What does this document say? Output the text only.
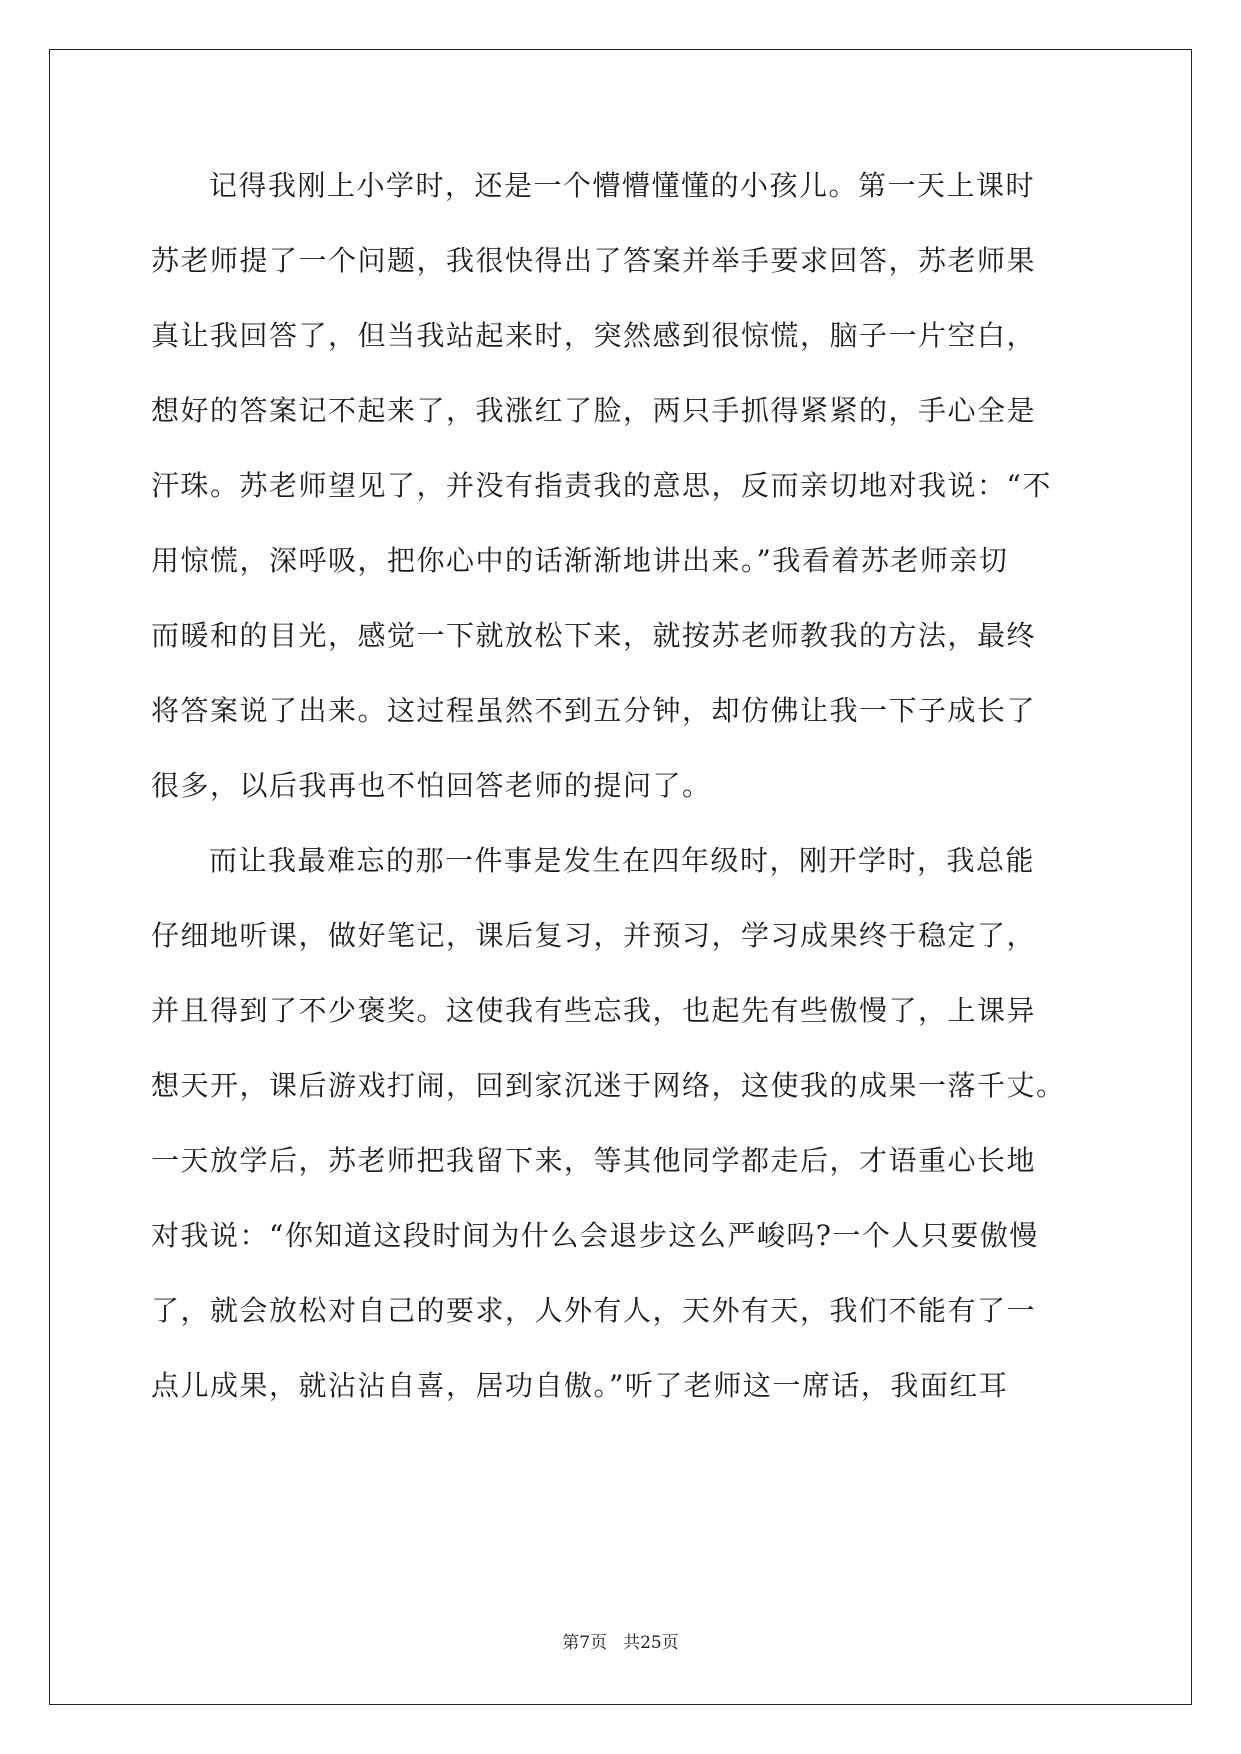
记得我刚上小学时，还是一个懵懵懂懂的小孩儿。第一天上课时
苏老师提了一个问题，我很快得出了答案并举手要求回答，苏老师果
真让我回答了，但当我站起来时，突然感到很惊慌，脑子一片空白，
想好的答案记不起来了，我涨红了脸，两只手抓得紧紧的，手心全是
汗珠。苏老师望见了，并没有指责我的意思，反而亲切地对我说：“不
用惊慌，深呼吸，把你心中的话渐渐地讲出来。”我看着苏老师亲切
而暖和的目光，感觉一下就放松下来，就按苏老师教我的方法，最终
将答案说了出来。这过程虽然不到五分钟，却仿佛让我一下子成长了
很多，以后我再也不怕回答老师的提问了。
而让我最难忘的那一件事是发生在四年级时，刚开学时，我总能
仔细地听课，做好笔记，课后复习，并预习，学习成果终于稳定了，
并且得到了不少褒奖。这使我有些忘我，也起先有些傲慢了，上课异
想天开，课后游戏打闹，回到家沉迷于网络，这使我的成果一落千丈。
一天放学后，苏老师把我留下来，等其他同学都走后，才语重心长地
对我说：“你知道这段时间为什么会退步这么严峻吗?一个人只要傲慢
了，就会放松对自己的要求，人外有人，天外有天，我们不能有了一
点儿成果，就沾沾自喜，居功自傲。”听了老师这一席话，我面红耳
第7页 共25页
